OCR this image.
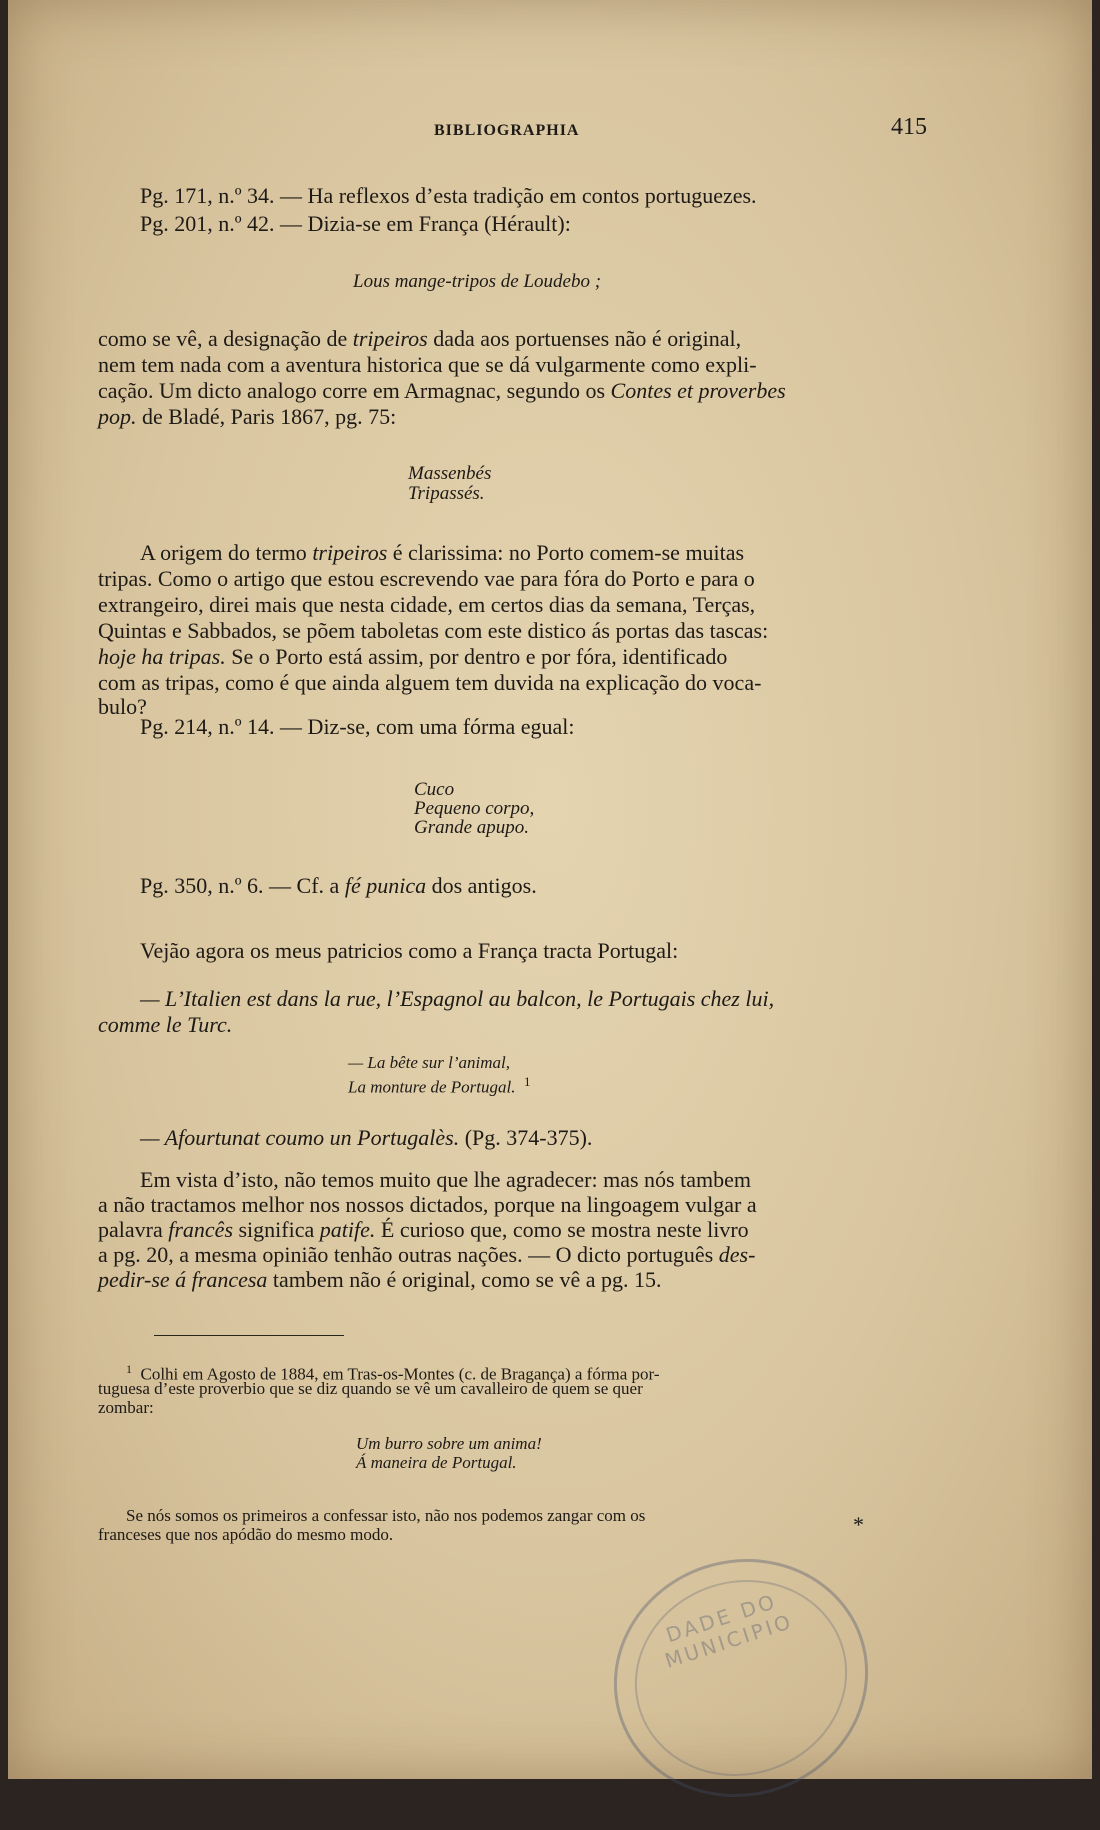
BIBLIOGRAPHIA	415
Pg. 171, n.º 34. — Ha reflexos d’esta tradição em contos portuguezes.
Pg. 201, n.º 42. — Dizia-se em França (Hérault):
Lous mange-tripos de Loudebo ;
como se vê, a designação de tripeiros dada aos portuenses não é original,
nem tem nada com a aventura historica que se dá vulgarmente como expli-
cação. Um dicto analogo corre em Armagnac, segundo os Contes et proverbes
pop. de Bladé, Paris 1867, pg. 75:
Massenbés
Tripassés.
A origem do termo tripeiros é clarissima: no Porto comem-se muitas
tripas. Como o artigo que estou escrevendo vae para fóra do Porto e para o
extrangeiro, direi mais que nesta cidade, em certos dias da semana, Terças,
Quintas e Sabbados, se põem taboletas com este distico ás portas das tascas:
hoje ha tripas. Se o Porto está assim, por dentro e por fóra, identificado
com as tripas, como é que ainda alguem tem duvida na explicação do voca-
bulo?
Pg. 214, n.º 14. — Diz-se, com uma fórma egual:
Cuco
Pequeno corpo,
Grande apupo.
Pg. 350, n.º 6. — Cf. a fé punica dos antigos.
Vejão agora os meus patricios como a França tracta Portugal:
— L’Italien est dans la rue, l’Espagnol au balcon, le Portugais chez lui,
comme le Turc.
— La bête sur l’animal,
La monture de Portugal. $^1$
— Afourtunat coumo un Portugalès. (Pg. 374-375).
Em vista d’isto, não temos muito que lhe agradecer: mas nós tambem
a não tractamos melhor nos nossos dictados, porque na lingoagem vulgar a
palavra francês significa patife. É curioso que, como se mostra neste livro
a pg. 20, a mesma opinião tenhão outras nações. — O dicto português des-
pedir-se á francesa tambem não é original, como se vê a pg. 15.
$^1$ Colhi em Agosto de 1884, em Tras-os-Montes (c. de Bragança) a fórma por-
tuguesa d’este proverbio que se diz quando se vê um cavalleiro de quem se quer
zombar:
Um burro sobre um anima!
Á maneira de Portugal.
Se nós somos os primeiros a confessar isto, não nos podemos zangar com os
franceses que nos apódão do mesmo modo.	*
DADE DO MUNICIPIO
